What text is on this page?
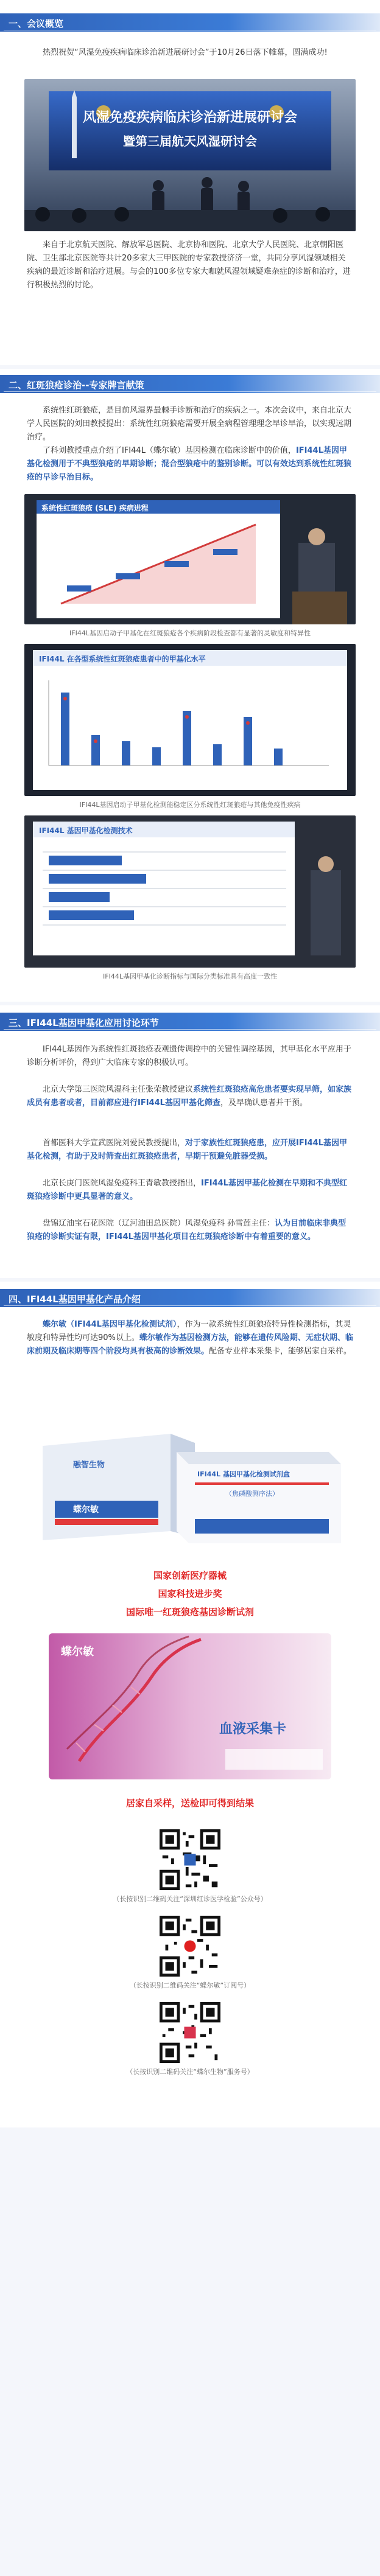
一、会议概览
热烈祝贺“风湿免疫疾病临床诊治新进展研讨会”于10月26日落下帷幕，圆满成功!
风湿免疫疾病临床诊治新进展研讨会
暨第三届航天风湿研讨会
来自于北京航天医院、解放军总医院、北京协和医院、北京大学人民医院、北京朝阳医院、卫生部北京医院等共计20多家大三甲医院的专家教授济济一堂，共同分享风湿领域相关疾病的最近诊断和治疗进展。与会的100多位专家大咖就风湿领域疑难杂症的诊断和治疗，进行积极热烈的讨论。
二、红斑狼疮诊治--专家牌言献策
系统性红斑狼疮，是目前风湿界最棘手诊断和治疗的疾病之一。本次会议中，来自北京大学人民医院的刘田教授提出：系统性红斑狼疮需要开展全病程管理理念早诊早治，以实现远期治疗。
了科刘教授重点介绍了IFI44L（蝶尔敏）基因检测在临床诊断中的价值，IFI44L基因甲基化检测用于不典型狼疮的早期诊断；混合型狼疮中的鉴别诊断。可以有效达到系统性红斑狼疮的早诊早治目标。
系统性红斑狼疮 (SLE) 疾病进程
IFI44L基因启动子甲基化在红斑狼疮各个疾病阶段检查都有显著的灵敏度和特异性
IFI44L 在各型系统性红斑狼疮患者中的甲基化水平
IFI44L基因启动子甲基化检测能稳定区分系统性红斑狼疮与其他免疫性疾病
IFI44L 基因甲基化检测技术
IFI44L基因甲基化诊断指标与国际分类标准具有高度一致性
三、IFI44L基因甲基化应用讨论环节
IFI44L基因作为系统性红斑狼疮表观遗传调控中的关键性调控基因，其甲基化水平应用于诊断分析评价，得到广大临床专家的积极认可。
北京大学第三医院风湿科主任张荣教授建议系统性红斑狼疮高危患者要实现早筛，如家族成员有患者或者，目前都应进行IFI44L基因甲基化筛查，及早确认患者并干预。
首都医科大学宣武医院刘爱民教授提出，对于家族性红斑狼疮患，应开展IFI44L基因甲基化检测，有助于及时筛查出红斑狼疮患者，早期干预避免脏器受损。
北京长庚门医院风湿免疫科王青敏教授指出，IFI44L基因甲基化检测在早期和不典型红斑狼疮诊断中更具显著的意义。
盘锦辽油宝石花医院（辽河油田总医院）风湿免疫科 孙雪莲主任：认为目前临床非典型狼疮的诊断实证有限，IFI44L基因甲基化项目在红斑狼疮诊断中有着重要的意义。
四、IFI44L基因甲基化产品介绍
蝶尔敏（IFI44L基因甲基化检测试剂），作为一款系统性红斑狼疮特异性检测指标，其灵敏度和特异性均可达90%以上。蝶尔敏作为基因检测方法，能够在遗传风险期、无症状期、临床前期及临床期等四个阶段均具有极高的诊断效果。配备专业样本采集卡，能够居家自采样。
融智生物
蝶尔敏
IFI44L 基因甲基化检测试剂盒
（焦磷酸测序法）
国家创新医疗器械
国家科技进步奖
国际唯一红斑狼疮基因诊断试剂
蝶尔敏
血液采集卡
居家自采样，送检即可得到结果
（长按识别二维码关注“深圳红诊医学检验”公众号）
（长按识别二维码关注“蝶尔敏”订阅号）
（长按识别二维码关注“蝶尔生物”服务号）
